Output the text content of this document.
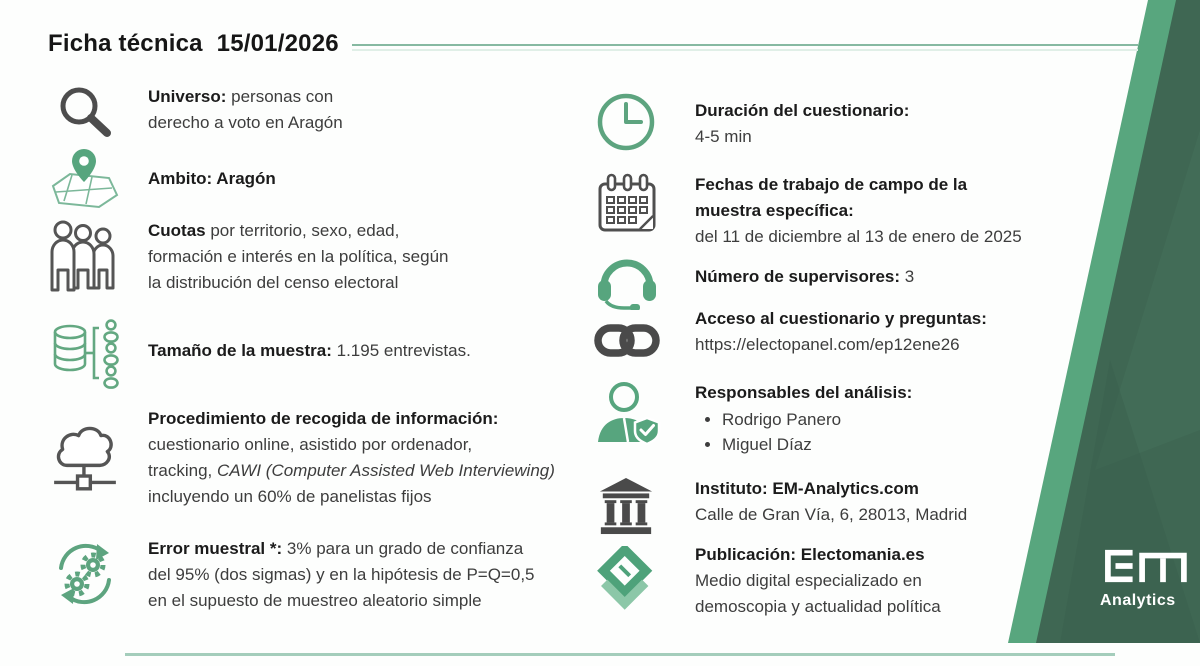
Ficha técnica 15/01/2026
Universo: personas con
derecho a voto en Aragón
Ambito: Aragón
Cuotas por territorio, sexo, edad,
formación e interés en la política, según
la distribución del censo electoral
Tamaño de la muestra: 1.195 entrevistas.
Procedimiento de recogida de información:
cuestionario online, asistido por ordenador,
tracking, CAWI (Computer Assisted Web Interviewing)
incluyendo un 60% de panelistas fijos
Error muestral *: 3% para un grado de confianza
del 95% (dos sigmas) y en la hipótesis de P=Q=0,5
en el supuesto de muestreo aleatorio simple
Duración del cuestionario:
4-5 min
Fechas de trabajo de campo de la
muestra específica:
del 11 de diciembre al 13 de enero de 2025
Número de supervisores: 3
Acceso al cuestionario y preguntas:
https://electopanel.com/ep12ene26
Responsables del análisis:
• Rodrigo Panero
• Miguel Díaz
Instituto: EM-Analytics.com
Calle de Gran Vía, 6, 28013, Madrid
Publicación: Electomania.es
Medio digital especializado en
demoscopia y actualidad política	Analytics
